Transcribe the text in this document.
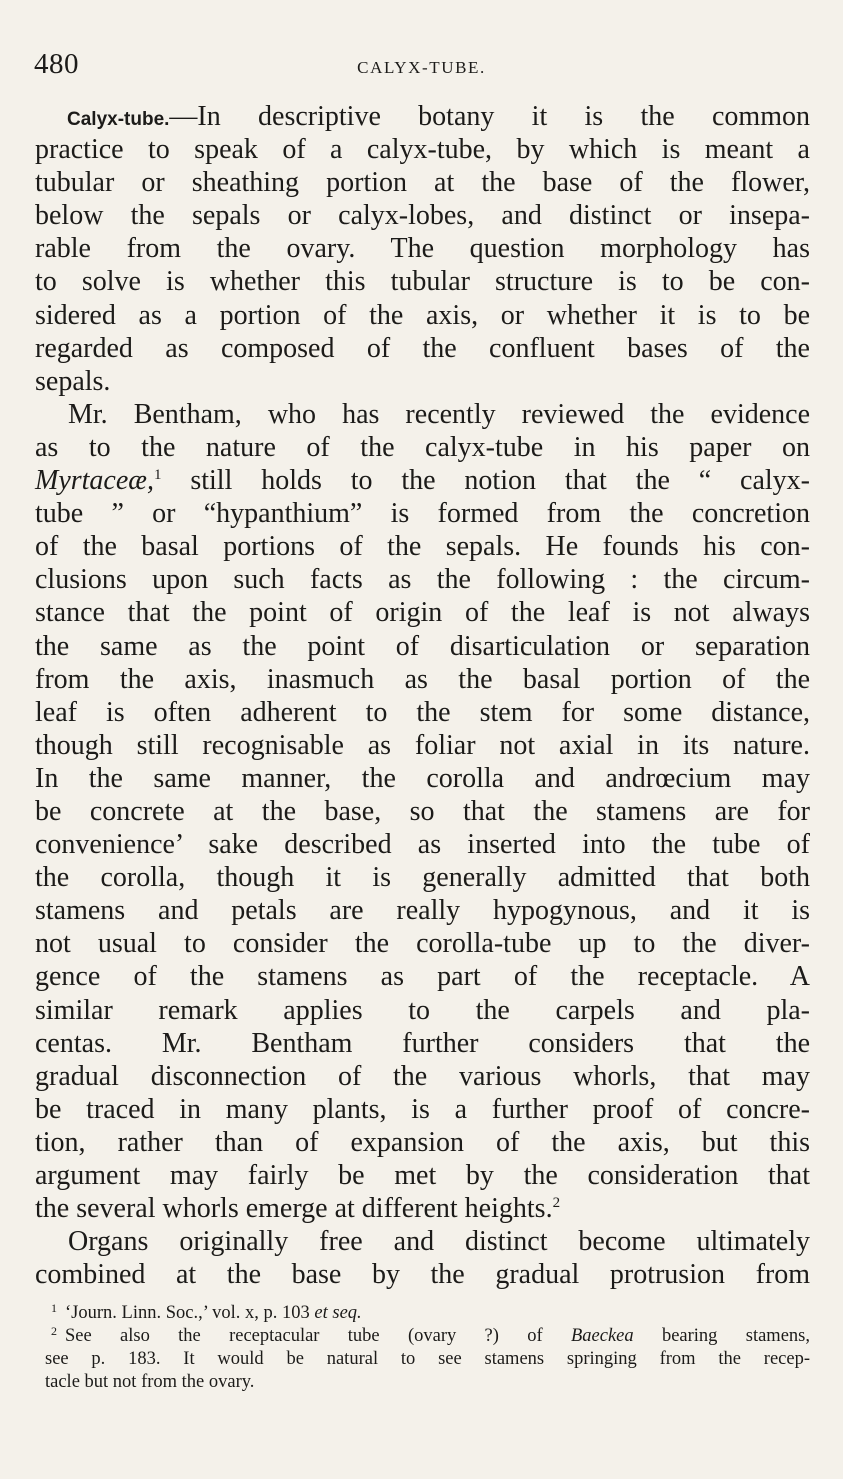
480	CALYX-TUBE.
Calyx-tube.—In descriptive botany it is the common
practice to speak of a calyx-tube, by which is meant a
tubular or sheathing portion at the base of the flower,
below the sepals or calyx-lobes, and distinct or insepa-
rable from the ovary. The question morphology has
to solve is whether this tubular structure is to be con-
sidered as a portion of the axis, or whether it is to be
regarded as composed of the confluent bases of the
sepals.
Mr. Bentham, who has recently reviewed the evidence
as to the nature of the calyx-tube in his paper on
Myrtaceæ,$^1$ still holds to the notion that the “ calyx-
tube ” or “hypanthium” is formed from the concretion
of the basal portions of the sepals. He founds his con-
clusions upon such facts as the following : the circum-
stance that the point of origin of the leaf is not always
the same as the point of disarticulation or separation
from the axis, inasmuch as the basal portion of the
leaf is often adherent to the stem for some distance,
though still recognisable as foliar not axial in its nature.
In the same manner, the corolla and andrœcium may
be concrete at the base, so that the stamens are for
convenience’ sake described as inserted into the tube of
the corolla, though it is generally admitted that both
stamens and petals are really hypogynous, and it is
not usual to consider the corolla-tube up to the diver-
gence of the stamens as part of the receptacle. A
similar remark applies to the carpels and pla-
centas. Mr. Bentham further considers that the
gradual disconnection of the various whorls, that may
be traced in many plants, is a further proof of concre-
tion, rather than of expansion of the axis, but this
argument may fairly be met by the consideration that
the several whorls emerge at different heights.$^2$
Organs originally free and distinct become ultimately
combined at the base by the gradual protrusion from
$^1$ ‘Journ. Linn. Soc.,’ vol. x, p. 103 et seq.
$^2$ See also the receptacular tube (ovary ?) of Baeckea bearing stamens,
see p. 183. It would be natural to see stamens springing from the recep-
tacle but not from the ovary.
